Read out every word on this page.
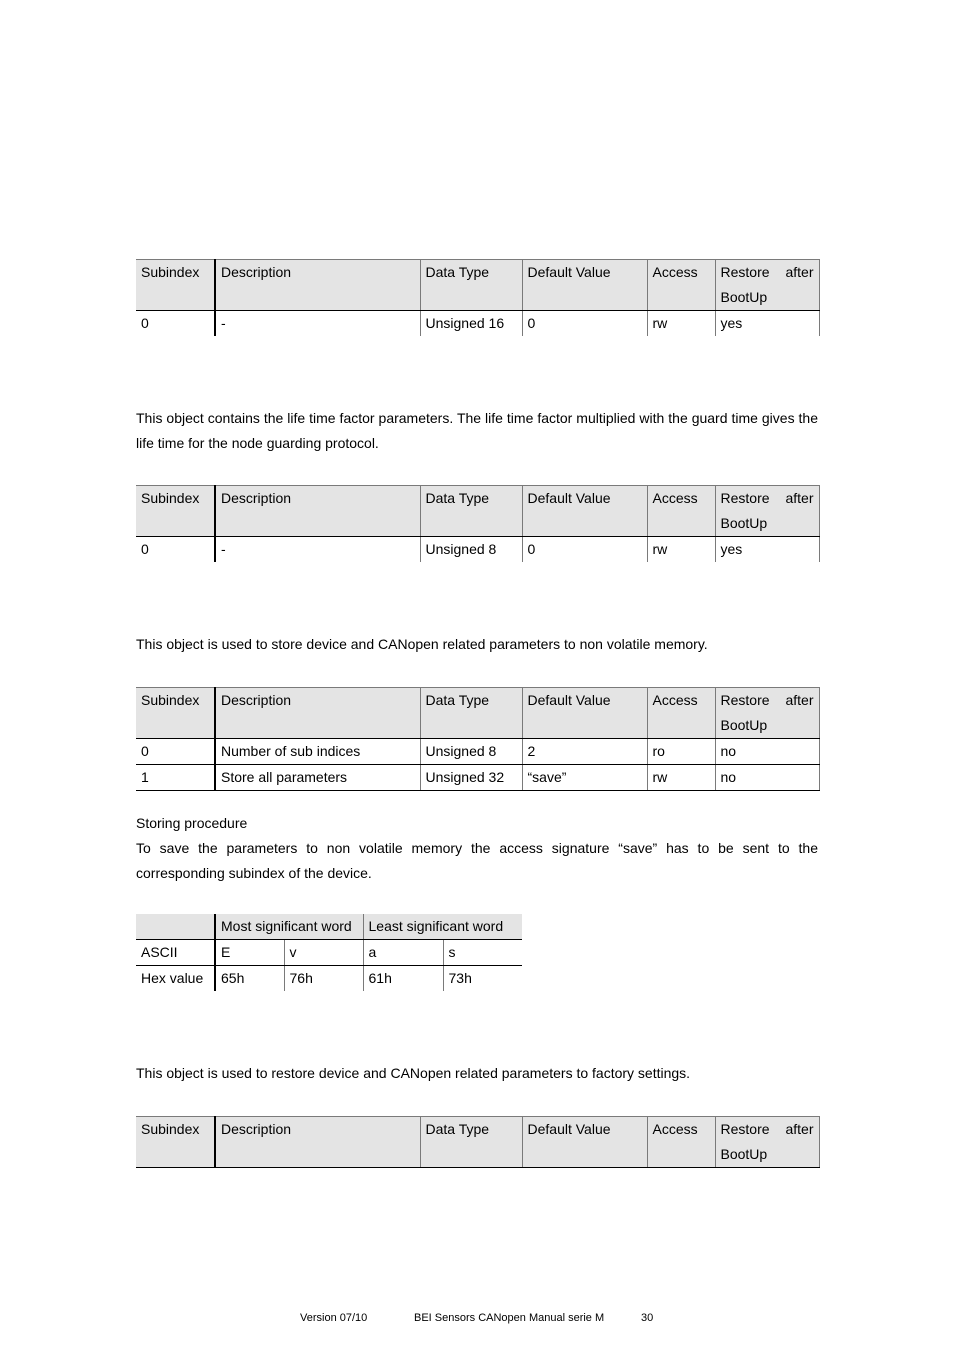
Subindex	Description	Data Type	Default Value	Access	Restore after
BootUp

0	-	Unsigned 16	0	rw	yes

This object contains the life time factor parameters. The life time factor multiplied with the guard time gives the life time for the node guarding protocol.

Subindex	Description	Data Type	Default Value	Access	Restore after
BootUp

0	-	Unsigned 8	0	rw	yes

This object is used to store device and CANopen related parameters to non volatile memory.

Subindex	Description	Data Type	Default Value	Access	Restore after
BootUp

0	Number of sub indices	Unsigned 8	2	ro	no
1	Store all parameters	Unsigned 32	“save”	rw	no

Storing procedure

To save the parameters to non volatile memory the access signature “save” has to be sent to the corresponding subindex of the device.

	Most significant word		Least significant word	
ASCII	E	v	a	s
Hex value	65h	76h	61h	73h

This object is used to restore device and CANopen related parameters to factory settings.

Subindex	Description	Data Type	Default Value	Access	Restore after
BootUp
Version 07/10	BEI Sensors CANopen Manual serie M	30
